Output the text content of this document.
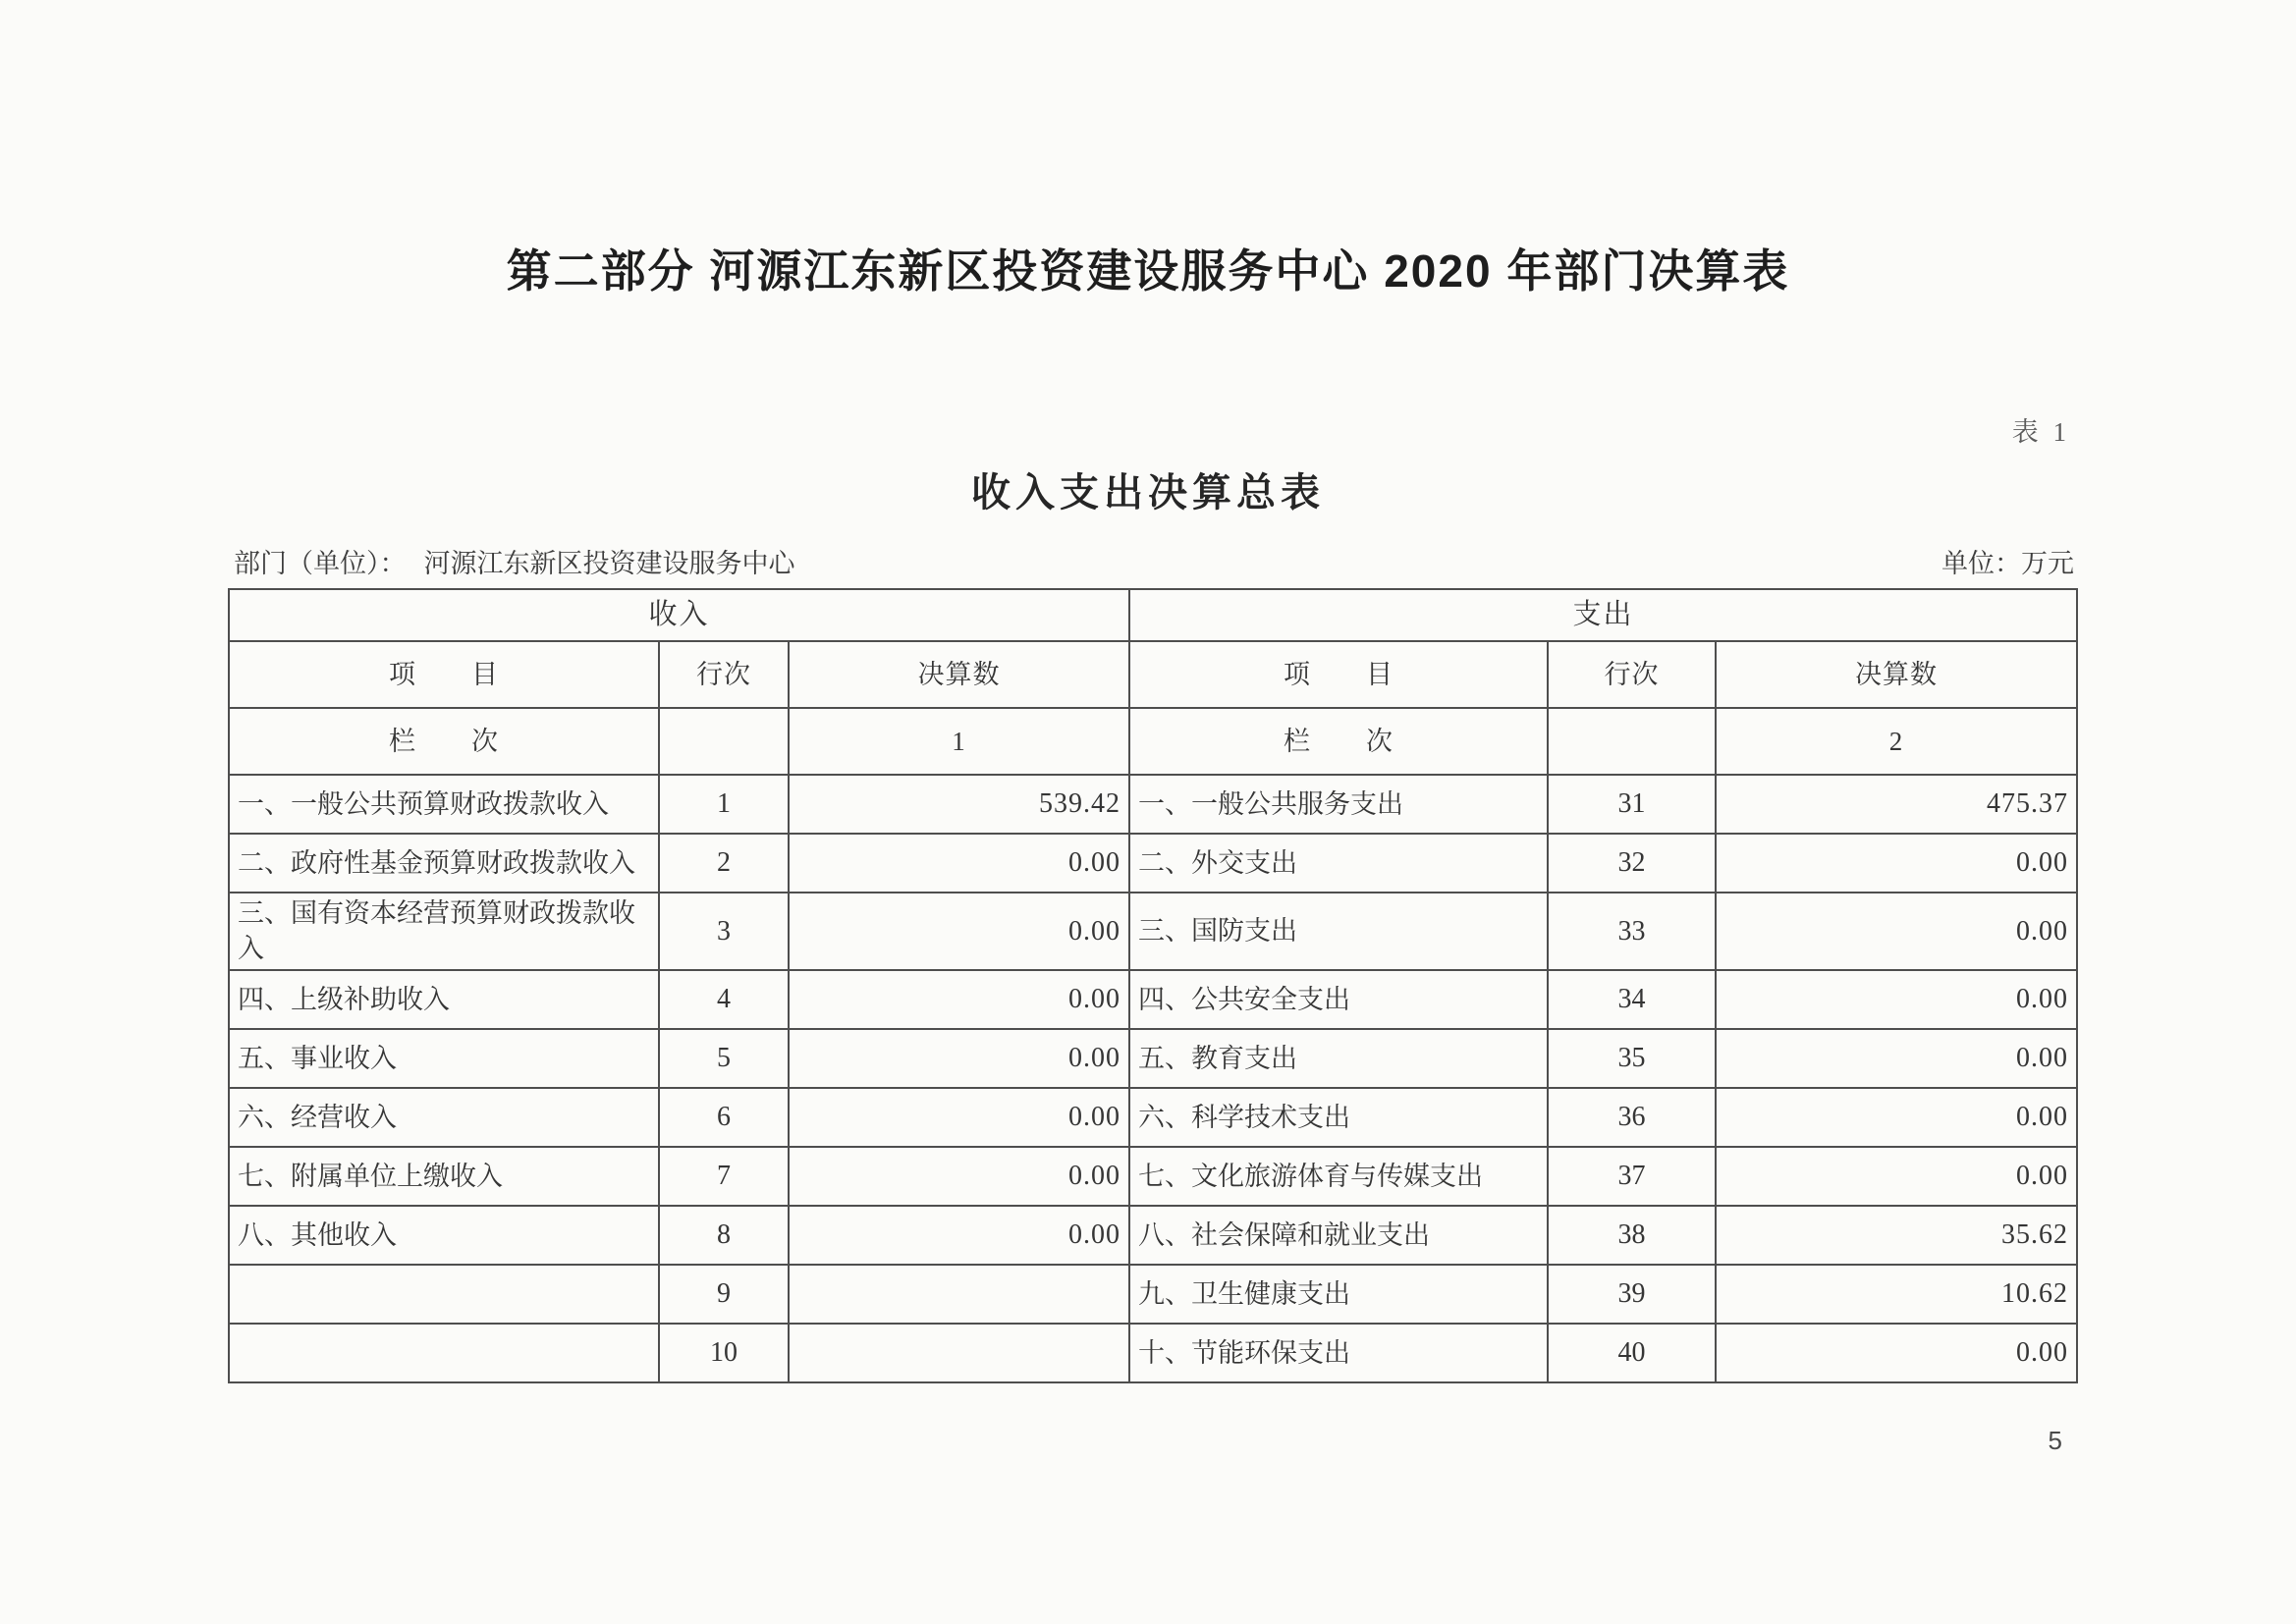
第二部分 河源江东新区投资建设服务中心 2020 年部门决算表
表 1
收入支出决算总表
部门（单位）： 河源江东新区投资建设服务中心	单位：万元
收入			支出		
项　　目	行次	决算数	项　　目	行次	决算数
栏　　次		1	栏　　次		2
一、一般公共预算财政拨款收入	1	539.42	一、一般公共服务支出	31	475.37
二、政府性基金预算财政拨款收入	2	0.00	二、外交支出	32	0.00
三、国有资本经营预算财政拨款收入	3	0.00	三、国防支出	33	0.00
四、上级补助收入	4	0.00	四、公共安全支出	34	0.00
五、事业收入	5	0.00	五、教育支出	35	0.00
六、经营收入	6	0.00	六、科学技术支出	36	0.00
七、附属单位上缴收入	7	0.00	七、文化旅游体育与传媒支出	37	0.00
八、其他收入	8	0.00	八、社会保障和就业支出	38	35.62
	9		九、卫生健康支出	39	10.62
	10		十、节能环保支出	40	0.00
5
